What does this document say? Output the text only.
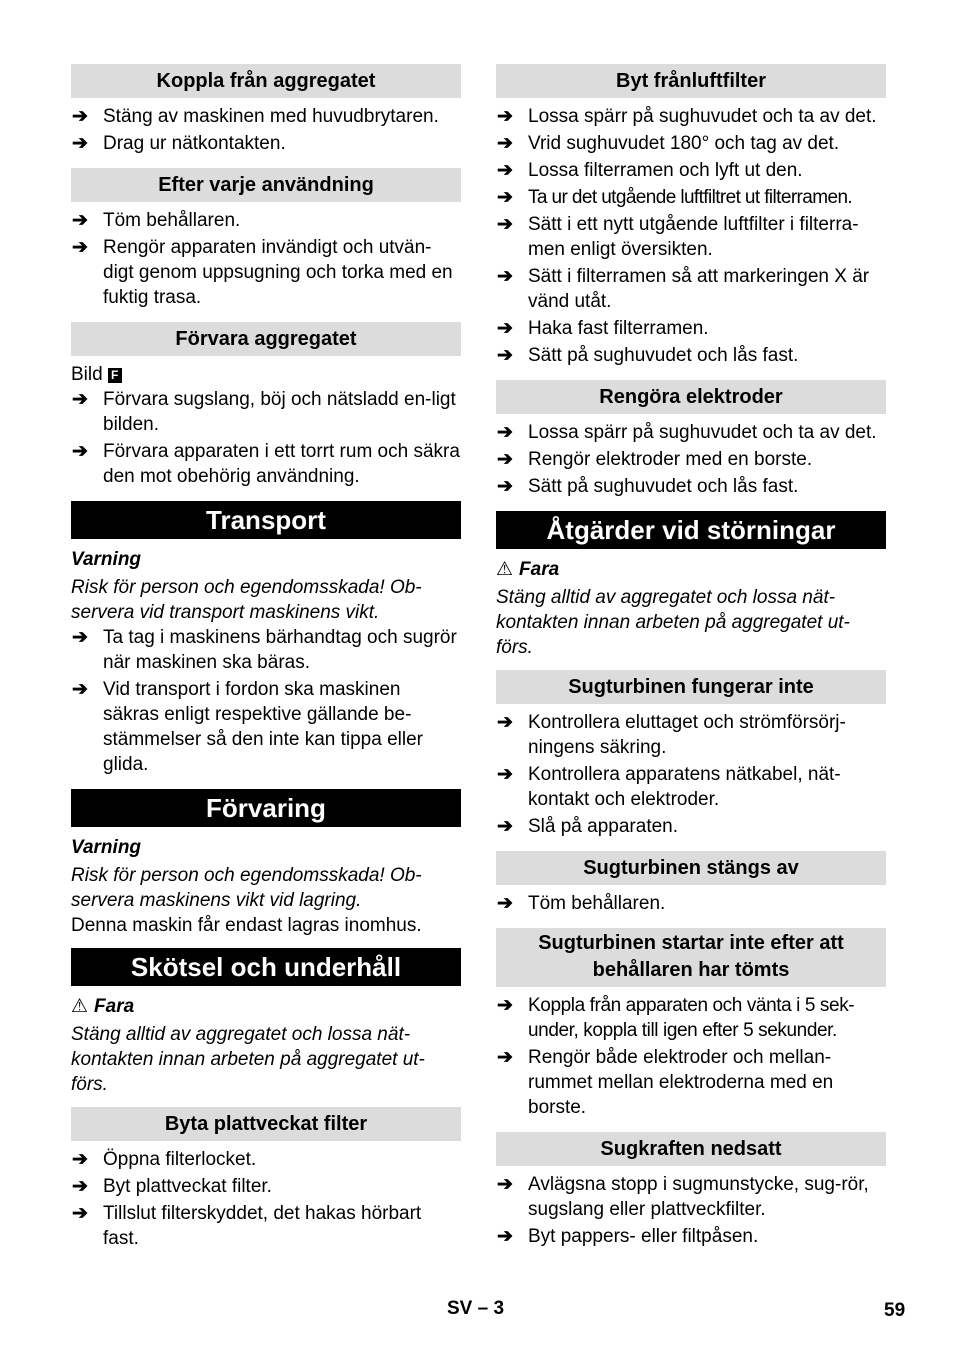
Koppla från aggregatet
➔ Stäng av maskinen med huvudbrytaren.
➔ Drag ur nätkontakten.
Efter varje användning
➔ Töm behållaren.
➔ Rengör apparaten invändigt och utvän-digt genom uppsugning och torka med en fuktig trasa.
Förvara aggregatet
Bild F
➔ Förvara sugslang, böj och nätsladd en-ligt bilden.
➔ Förvara apparaten i ett torrt rum och säkra den mot obehörig användning.
Transport
Varning
Risk för person och egendomsskada! Ob-servera vid transport maskinens vikt.
➔ Ta tag i maskinens bärhandtag och sugrör när maskinen ska bäras.
➔ Vid transport i fordon ska maskinen säkras enligt respektive gällande be-stämmelser så den inte kan tippa eller glida.
Förvaring
Varning
Risk för person och egendomsskada! Ob-servera maskinens vikt vid lagring.
Denna maskin får endast lagras inomhus.
Skötsel och underhåll
⚠ Fara
Stäng alltid av aggregatet och lossa nät-kontakten innan arbeten på aggregatet ut-förs.
Byta plattveckat filter
➔ Öppna filterlocket.
➔ Byt plattveckat filter.
➔ Tillslut filterskyddet, det hakas hörbart fast.
Byt frånluftfilter
➔ Lossa spärr på sughuvudet och ta av det.
➔ Vrid sughuvudet 180° och tag av det.
➔ Lossa filterramen och lyft ut den.
➔ Ta ur det utgående luftfiltret ut filterramen.
➔ Sätt i ett nytt utgående luftfilter i filterra-men enligt översikten.
➔ Sätt i filterramen så att markeringen X är vänd utåt.
➔ Haka fast filterramen.
➔ Sätt på sughuvudet och lås fast.
Rengöra elektroder
➔ Lossa spärr på sughuvudet och ta av det.
➔ Rengör elektroder med en borste.
➔ Sätt på sughuvudet och lås fast.
Åtgärder vid störningar
⚠ Fara
Stäng alltid av aggregatet och lossa nät-kontakten innan arbeten på aggregatet ut-förs.
Sugturbinen fungerar inte
➔ Kontrollera eluttaget och strömförsörj-ningens säkring.
➔ Kontrollera apparatens nätkabel, nät-kontakt och elektroder.
➔ Slå på apparaten.
Sugturbinen stängs av
➔ Töm behållaren.
Sugturbinen startar inte efter att behållaren har tömts
➔ Koppla från apparaten och vänta i 5 sek-under, koppla till igen efter 5 sekunder.
➔ Rengör både elektroder och mellan-rummet mellan elektroderna med en borste.
Sugkraften nedsatt
➔ Avlägsna stopp i sugmunstycke, sug-rör, sugslang eller plattveckfilter.
➔ Byt pappers- eller filtpåsen.
SV – 3	59
